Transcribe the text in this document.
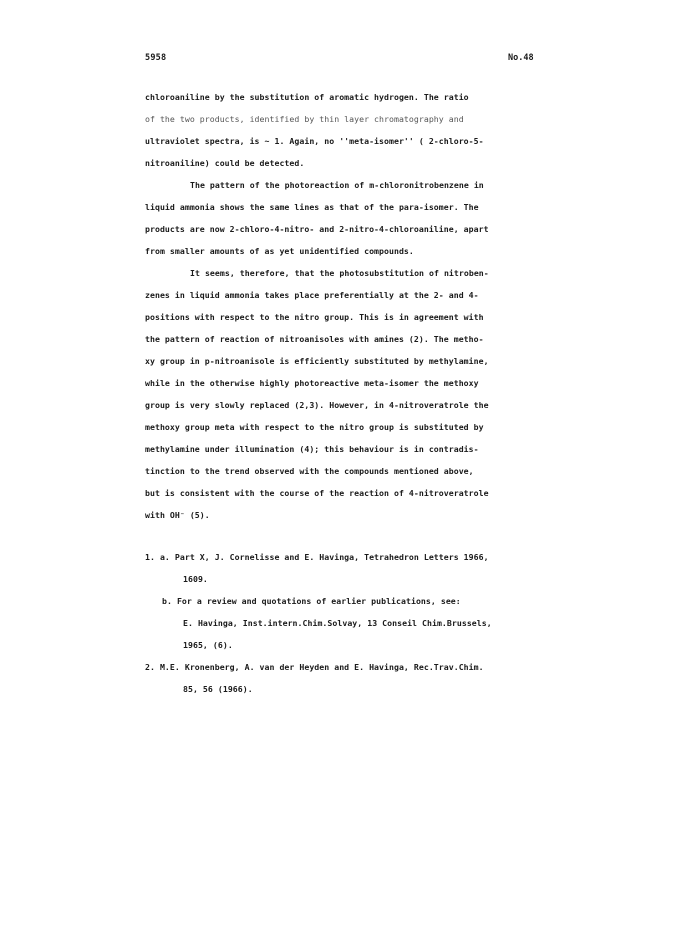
5958	No.48
chloroaniline by the substitution of aromatic hydrogen. The ratio
of the two products, identified by thin layer chromatography and
ultraviolet spectra, is ~ 1. Again, no ''meta-isomer'' ( 2-chloro-5-
nitroaniline) could be detected.
The pattern of the photoreaction of m-chloronitrobenzene in
liquid ammonia shows the same lines as that of the para-isomer. The
products are now 2-chloro-4-nitro- and 2-nitro-4-chloroaniline, apart
from smaller amounts of as yet unidentified compounds.
It seems, therefore, that the photosubstitution of nitroben-
zenes in liquid ammonia takes place preferentially at the 2- and 4-
positions with respect to the nitro group. This is in agreement with
the pattern of reaction of nitroanisoles with amines (2). The metho-
xy group in p-nitroanisole is efficiently substituted by methylamine,
while in the otherwise highly photoreactive meta-isomer the methoxy
group is very slowly replaced (2,3). However, in 4-nitroveratrole the
methoxy group meta with respect to the nitro group is substituted by
methylamine under illumination (4); this behaviour is in contradis-
tinction to the trend observed with the compounds mentioned above,
but is consistent with the course of the reaction of 4-nitroveratrole
with OH⁻ (5).
1. a. Part X, J. Cornelisse and E. Havinga, Tetrahedron Letters 1966,
1609.
b. For a review and quotations of earlier publications, see:
E. Havinga, Inst.intern.Chim.Solvay, 13 Conseil Chim.Brussels,
1965, (6).
2. M.E. Kronenberg, A. van der Heyden and E. Havinga, Rec.Trav.Chim.
85, 56 (1966).
